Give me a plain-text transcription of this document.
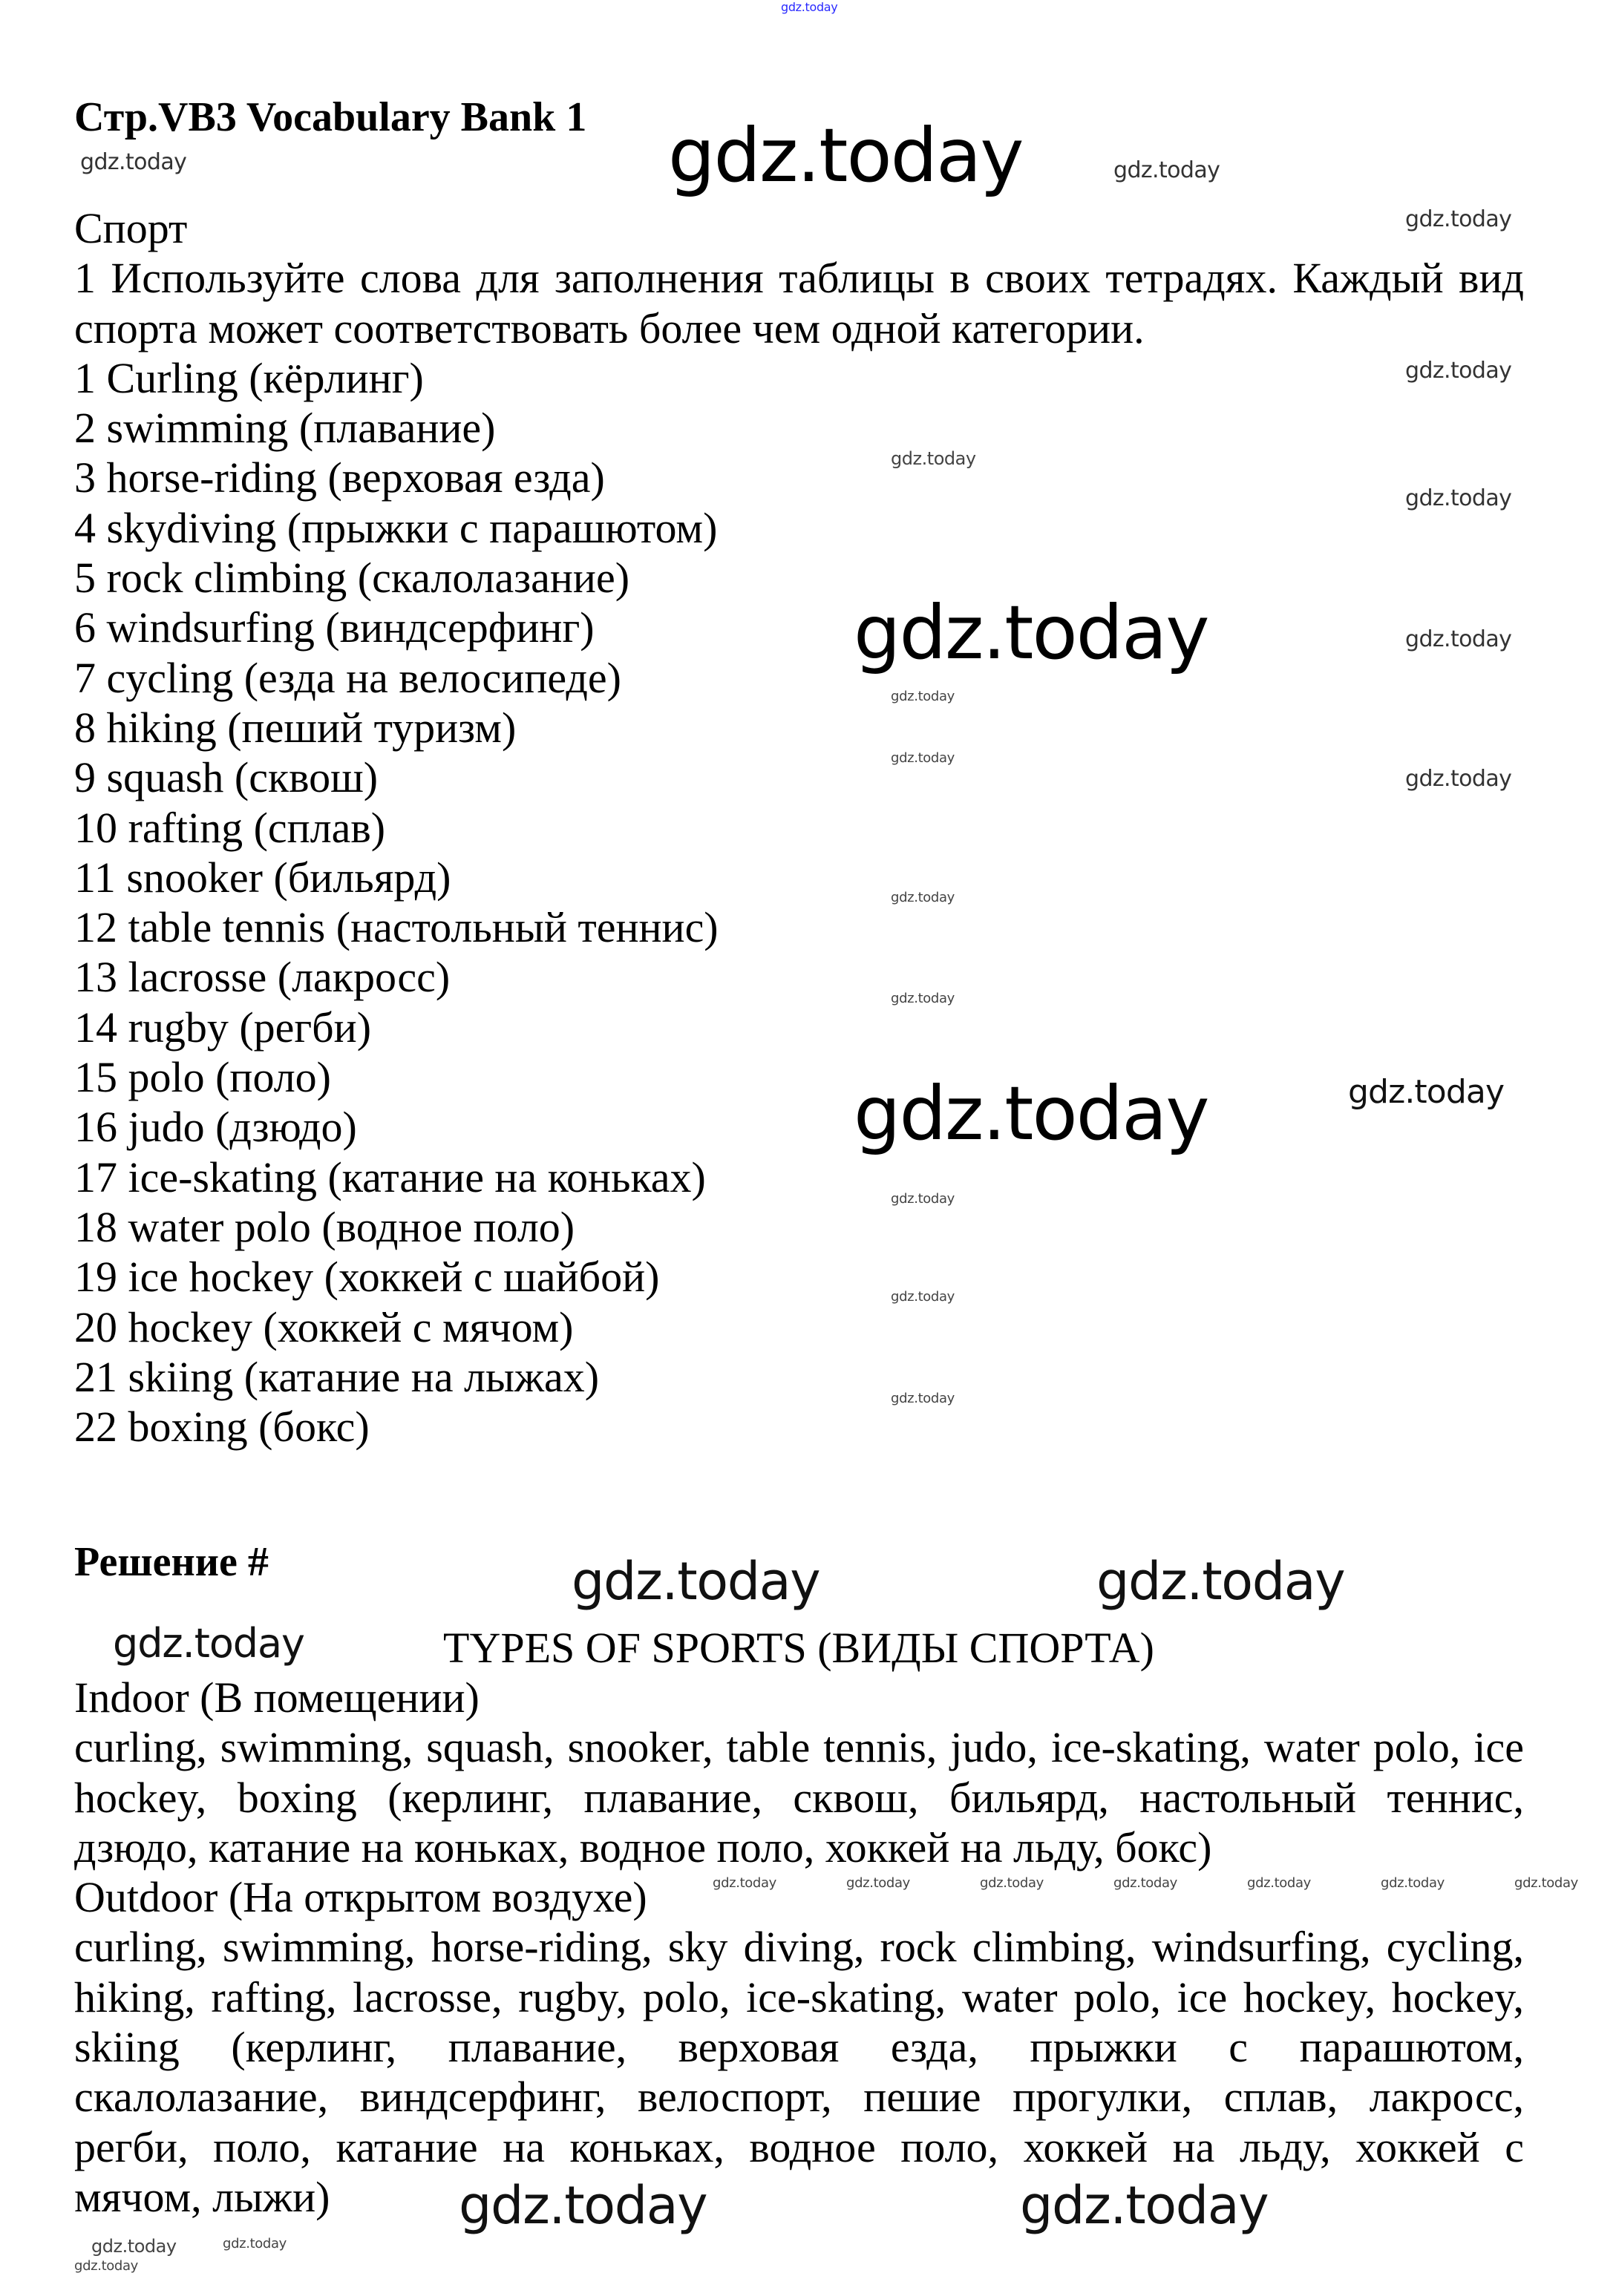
Стр.VB3 Vocabulary Bank 1
Спорт
1 Используйте слова для заполнения таблицы в своих тетрадях. Каждый вид
спорта может соответствовать более чем одной категории.
1 Curling (кёрлинг)
2 swimming (плавание)
3 horse-riding (верховая езда)
4 skydiving (прыжки с парашютом)
5 rock climbing (скалолазание)
6 windsurfing (виндсерфинг)
7 cycling (езда на велосипеде)
8 hiking (пеший туризм)
9 squash (сквош)
10 rafting (сплав)
11 snooker (бильярд)
12 table tennis (настольный теннис)
13 lacrosse (лакросс)
14 rugby (регби)
15 polo (поло)
16 judo (дзюдо)
17 ice-skating (катание на коньках)
18 water polo (водное поло)
19 ice hockey (хоккей с шайбой)
20 hockey (хоккей с мячом)
21 skiing (катание на лыжах)
22 boxing (бокс)
Решение #
TYPES OF SPORTS (ВИДЫ СПОРТА)
Indoor (В помещении)
curling, swimming, squash, snooker, table tennis, judo, ice-skating, water polo, ice
hockey, boxing (керлинг, плавание, сквош, бильярд, настольный теннис,
дзюдо, катание на коньках, водное поло, хоккей на льду, бокс)
Outdoor (На открытом воздухе)
curling, swimming, horse-riding, sky diving, rock climbing, windsurfing, cycling,
hiking, rafting, lacrosse, rugby, polo, ice-skating, water polo, ice hockey, hockey,
skiing (керлинг, плавание, верховая езда, прыжки с парашютом,
скалолазание, виндсерфинг, велоспорт, пешие прогулки, сплав, лакросс,
регби, поло, катание на коньках, водное поло, хоккей на льду, хоккей с
мячом, лыжи)
gdz.today
gdz.today
gdz.today
gdz.today
gdz.today
gdz.today
gdz.today
gdz.today
gdz.today
gdz.today
gdz.today
gdz.today
gdz.today
gdz.today
gdz.today
gdz.today
gdz.today
gdz.today
gdz.today
gdz.today
gdz.today	gdz.today
gdz.today
gdz.today	gdz.today	gdz.today	gdz.today	gdz.today	gdz.today	gdz.today
gdz.today
gdz.today
gdz.today
gdz.today	gdz.today
